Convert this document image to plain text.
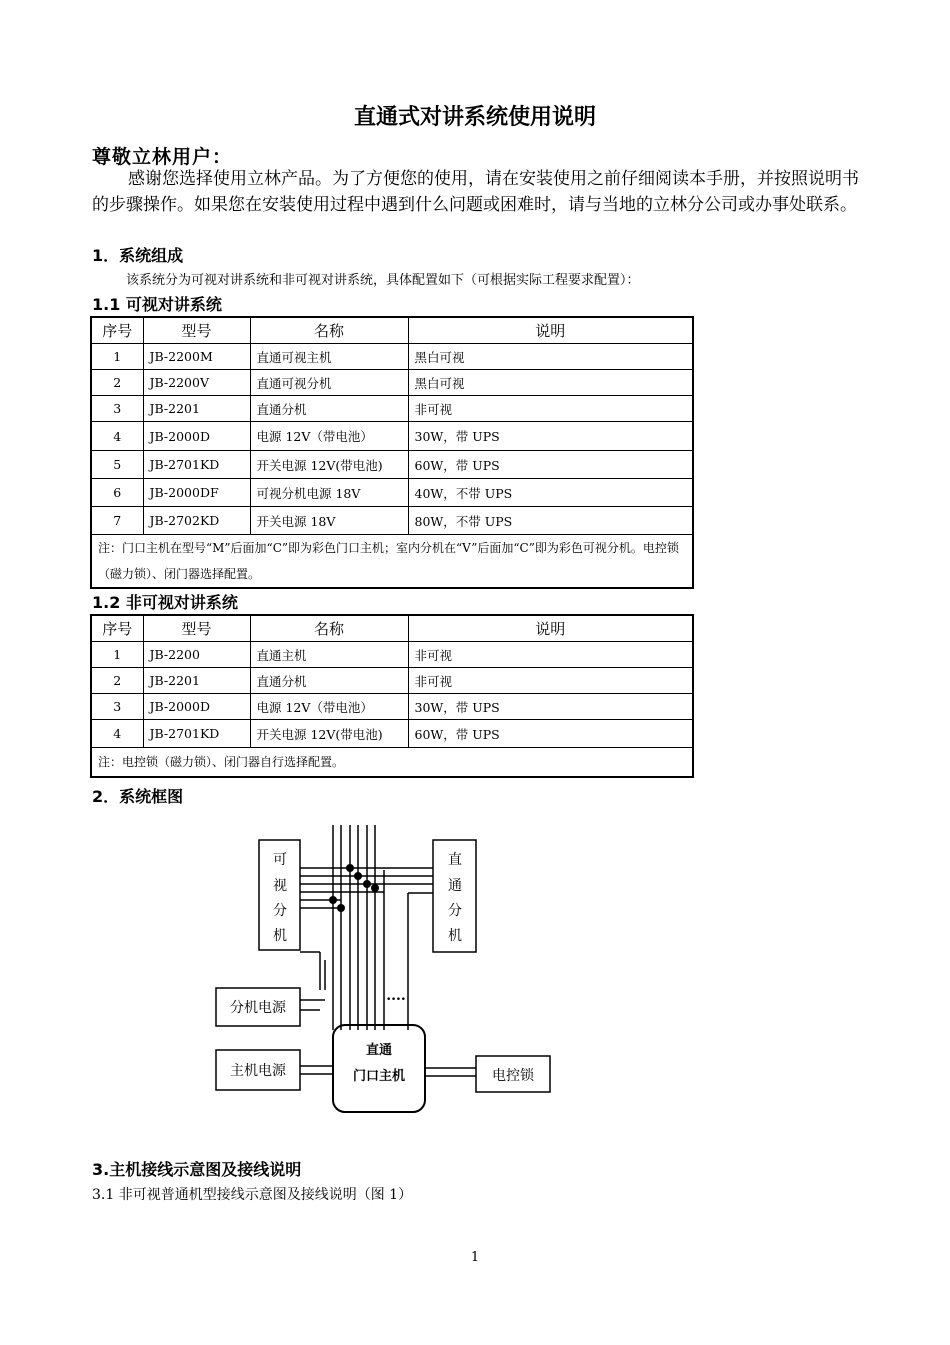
直通式对讲系统使用说明
尊敬立林用户：
感谢您选择使用立林产品。为了方便您的使用，请在安装使用之前仔细阅读本手册，并按照说明书的步骤操作。如果您在安装使用过程中遇到什么问题或困难时，请与当地的立林分公司或办事处联系。
1．系统组成
该系统分为可视对讲系统和非可视对讲系统，具体配置如下（可根据实际工程要求配置）：
1.1 可视对讲系统
序号	型号	名称	说明
1	JB-2200M	直通可视主机	黑白可视
2	JB-2200V	直通可视分机	黑白可视
3	JB-2201	直通分机	非可视
4	JB-2000D	电源 12V（带电池）	30W，带 UPS
5	JB-2701KD	开关电源 12V(带电池)	60W，带 UPS
6	JB-2000DF	可视分机电源 18V	40W，不带 UPS
7	JB-2702KD	开关电源 18V	80W，不带 UPS
注：门口主机在型号“M”后面加“C”即为彩色门口主机；室内分机在“V”后面加“C”即为彩色可视分机。电控锁（磁力锁）、闭门器选择配置。			
1.2 非可视对讲系统
序号	型号	名称	说明
1	JB-2200	直通主机	非可视
2	JB-2201	直通分机	非可视
3	JB-2000D	电源 12V（带电池）	30W，带 UPS
4	JB-2701KD	开关电源 12V(带电池)	60W，带 UPS
注：电控锁（磁力锁）、闭门器自行选择配置。			
2．系统框图
可
视
分
机
直
通
分
机
分机电源
主机电源	电控锁
....
直通
门口主机
3.主机接线示意图及接线说明
3.1 非可视普通机型接线示意图及接线说明（图 1）
1
